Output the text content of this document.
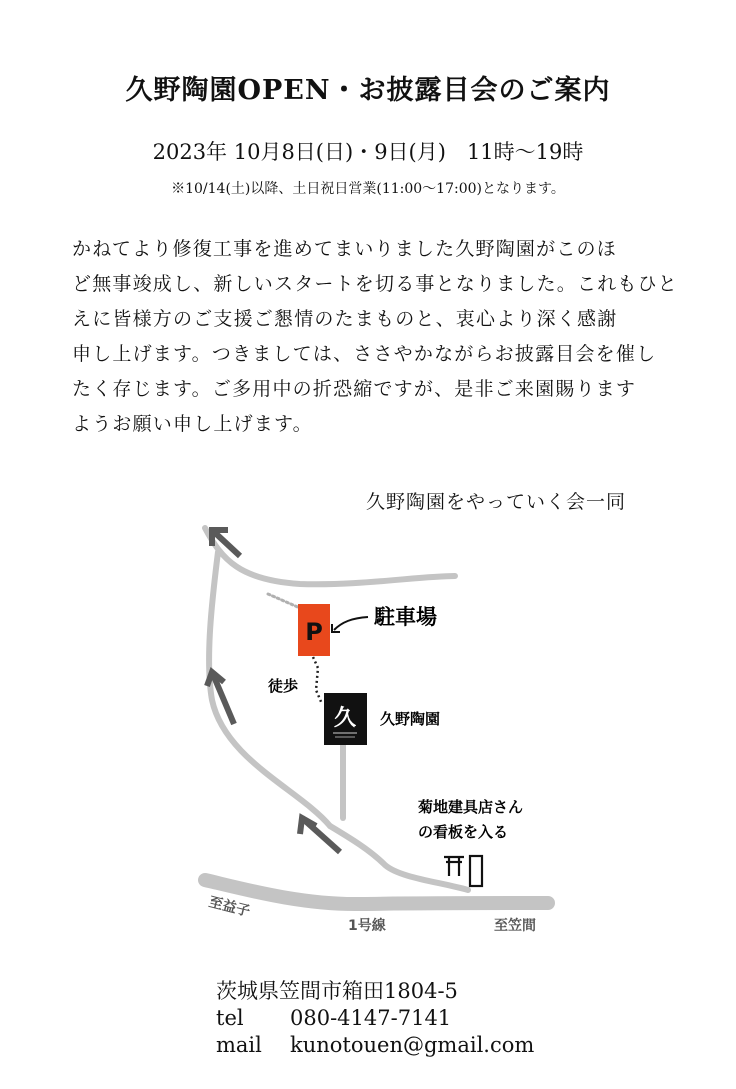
久野陶園OPEN・お披露目会のご案内
2023年 10月8日(日)・9日(月)　11時〜19時
※10/14(土)以降、土日祝日営業(11:00〜17:00)となります。

かねてより修復工事を進めてまいりました久野陶園がこのほ

ど無事竣成し、新しいスタートを切る事となりました。これもひと

えに皆様方のご支援ご懇情のたまものと、衷心より深く感謝

申し上げます。つきましては、ささやかながらお披露目会を催し

たく存じます。ご多用中の折恐縮ですが、是非ご来園賜ります

ようお願い申し上げます。

久野陶園をやっていく会一同
P
久
駐車場
徒歩
久野陶園
菊地建具店さん
の看板を入る
至益子
1号線	至笠間
茨城県笠間市箱田1804-5
tel 080-4147-7141
mail kunotouen@gmail.com
